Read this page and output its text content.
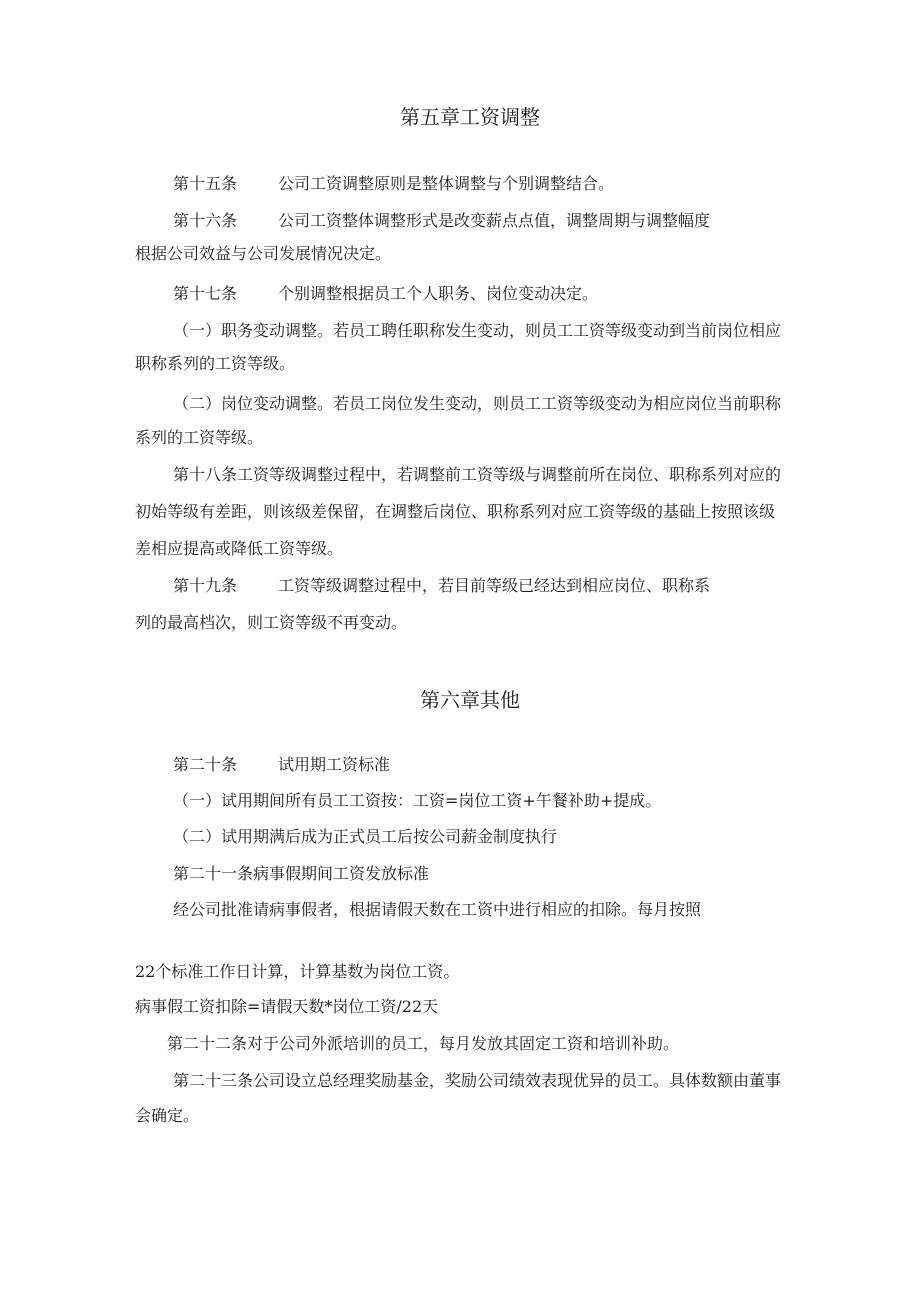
第五章工资调整
第十五条	公司工资调整原则是整体调整与个别调整结合。
第十六条	公司工资整体调整形式是改变薪点点值，调整周期与调整幅度
根据公司效益与公司发展情况决定。
第十七条	个别调整根据员工个人职务、岗位变动决定。
（一）职务变动调整。若员工聘任职称发生变动，则员工工资等级变动到当前岗位相应
职称系列的工资等级。
（二）岗位变动调整。若员工岗位发生变动，则员工工资等级变动为相应岗位当前职称
系列的工资等级。
第十八条工资等级调整过程中，若调整前工资等级与调整前所在岗位、职称系列对应的
初始等级有差距，则该级差保留，在调整后岗位、职称系列对应工资等级的基础上按照该级
差相应提高或降低工资等级。
第十九条	工资等级调整过程中，若目前等级已经达到相应岗位、职称系
列的最高档次，则工资等级不再变动。
第六章其他
第二十条	试用期工资标准
（一）试用期间所有员工工资按：工资=岗位工资+午餐补助+提成。
（二）试用期满后成为正式员工后按公司薪金制度执行
第二十一条病事假期间工资发放标准
经公司批准请病事假者，根据请假天数在工资中进行相应的扣除。每月按照
22个标准工作日计算，计算基数为岗位工资。
病事假工资扣除=请假天数*岗位工资/22天
第二十二条对于公司外派培训的员工，每月发放其固定工资和培训补助。
第二十三条公司设立总经理奖励基金，奖励公司绩效表现优异的员工。具体数额由董事
会确定。
